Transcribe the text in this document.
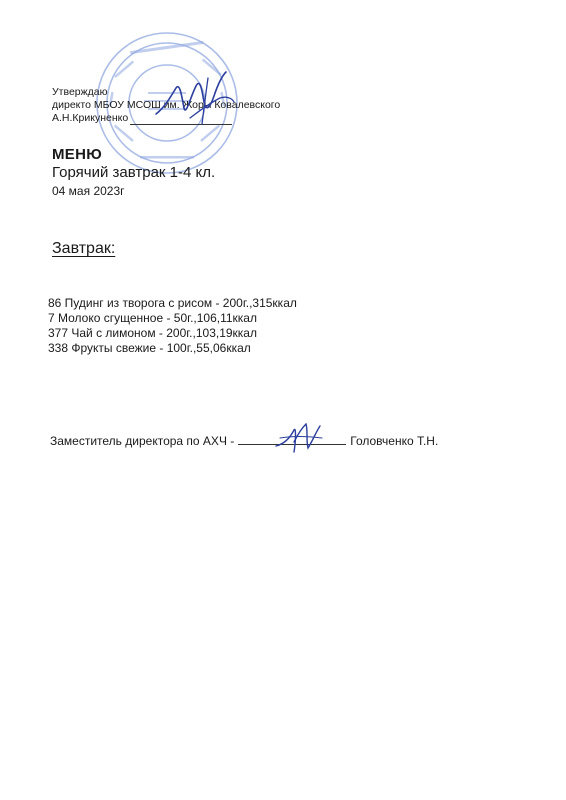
Утверждаю
директо МБОУ МСОШ им. Жоры Ковалевского
А.Н.Крикуненко
МЕНЮ
Горячий завтрак 1-4 кл.
04 мая 2023г
Завтрак:
86 Пудинг из творога с рисом - 200г.,315ккал
7 Молоко сгущенное - 50г.,106,11ккал
377 Чай с лимоном - 200г.,103,19ккал
338 Фрукты свежие - 100г.,55,06ккал
Заместитель директора по АХЧ -	Головченко Т.Н.
